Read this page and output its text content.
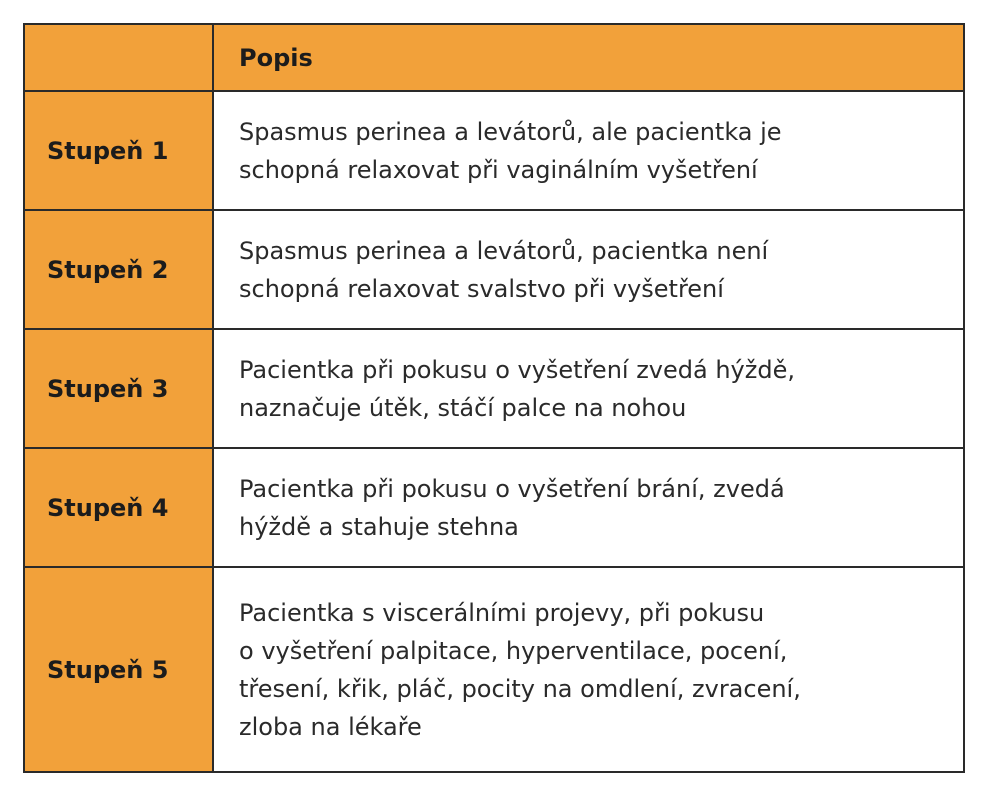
	Popis
Stupeň 1	Spasmus perinea a levátorů, ale pacientka je
schopná relaxovat při vaginálním vyšetření

Stupeň 2	Spasmus perinea a levátorů, pacientka není
schopná relaxovat svalstvo při vyšetření

Stupeň 3	Pacientka při pokusu o vyšetření zvedá hýždě,
naznačuje útěk, stáčí palce na nohou

Stupeň 4	Pacientka při pokusu o vyšetření brání, zvedá
hýždě a stahuje stehna

Stupeň 5	Pacientka s viscerálními projevy, při pokusu
o vyšetření palpitace, hyperventilace, pocení,
třesení, křik, pláč, pocity na omdlení, zvracení,
zloba na lékaře
